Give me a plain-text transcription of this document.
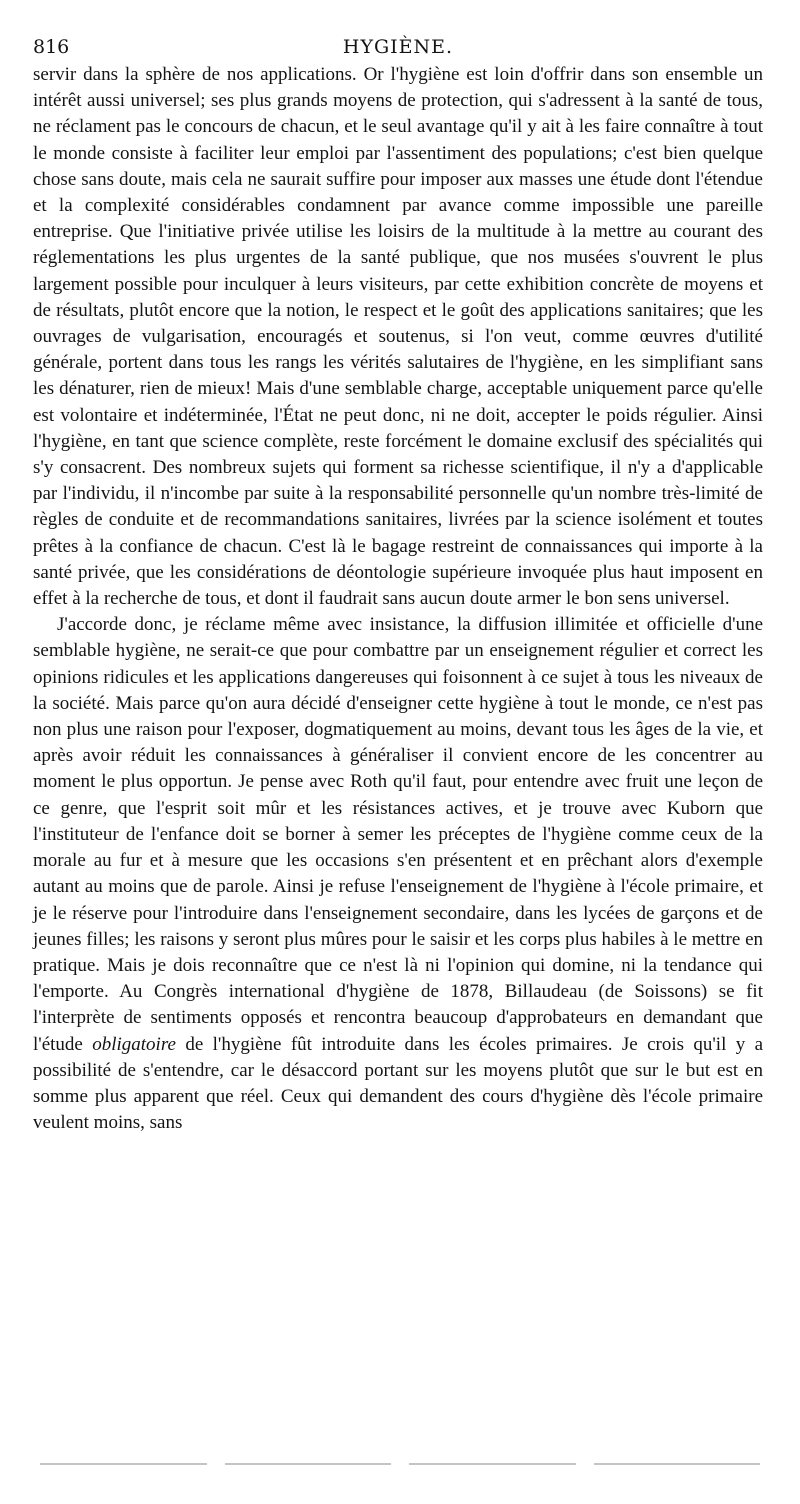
816	HYGIÈNE.

servir dans la sphère de nos applications. Or l'hygiène est loin d'offrir dans son ensemble un intérêt aussi universel; ses plus grands moyens de protection, qui s'adressent à la santé de tous, ne réclament pas le concours de chacun, et le seul avantage qu'il y ait à les faire connaître à tout le monde consiste à faciliter leur emploi par l'assentiment des populations; c'est bien quelque chose sans doute, mais cela ne saurait suffire pour imposer aux masses une étude dont l'étendue et la complexité considérables condamnent par avance comme impossible une pareille entreprise. Que l'initiative privée utilise les loisirs de la multitude à la mettre au courant des réglementations les plus urgentes de la santé publique, que nos musées s'ouvrent le plus largement possible pour inculquer à leurs visiteurs, par cette exhibition concrète de moyens et de résultats, plutôt encore que la notion, le respect et le goût des applications sanitaires; que les ouvrages de vulgarisation, encouragés et soutenus, si l'on veut, comme œuvres d'utilité générale, portent dans tous les rangs les vérités salutaires de l'hygiène, en les simplifiant sans les dénaturer, rien de mieux! Mais d'une semblable charge, acceptable uniquement parce qu'elle est volontaire et indéterminée, l'État ne peut donc, ni ne doit, accepter le poids régulier. Ainsi l'hygiène, en tant que science complète, reste forcément le domaine exclusif des spécialités qui s'y consacrent. Des nombreux sujets qui forment sa richesse scientifique, il n'y a d'applicable par l'individu, il n'incombe par suite à la responsabilité personnelle qu'un nombre très-limité de règles de conduite et de recommandations sanitaires, livrées par la science isolément et toutes prêtes à la confiance de chacun. C'est là le bagage restreint de connaissances qui importe à la santé privée, que les considérations de déontologie supérieure invoquée plus haut imposent en effet à la recherche de tous, et dont il faudrait sans aucun doute armer le bon sens universel.

J'accorde donc, je réclame même avec insistance, la diffusion illimitée et officielle d'une semblable hygiène, ne serait-ce que pour combattre par un enseignement régulier et correct les opinions ridicules et les applications dangereuses qui foisonnent à ce sujet à tous les niveaux de la société. Mais parce qu'on aura décidé d'enseigner cette hygiène à tout le monde, ce n'est pas non plus une raison pour l'exposer, dogmatiquement au moins, devant tous les âges de la vie, et après avoir réduit les connaissances à généraliser il convient encore de les concentrer au moment le plus opportun. Je pense avec Roth qu'il faut, pour entendre avec fruit une leçon de ce genre, que l'esprit soit mûr et les résistances actives, et je trouve avec Kuborn que l'instituteur de l'enfance doit se borner à semer les préceptes de l'hygiène comme ceux de la morale au fur et à mesure que les occasions s'en présentent et en prêchant alors d'exemple autant au moins que de parole. Ainsi je refuse l'enseignement de l'hygiène à l'école primaire, et je le réserve pour l'introduire dans l'enseignement secondaire, dans les lycées de garçons et de jeunes filles; les raisons y seront plus mûres pour le saisir et les corps plus habiles à le mettre en pratique. Mais je dois reconnaître que ce n'est là ni l'opinion qui domine, ni la tendance qui l'emporte. Au Congrès international d'hygiène de 1878, Billaudeau (de Soissons) se fit l'interprète de sentiments opposés et rencontra beaucoup d'approbateurs en demandant que l'étude obligatoire de l'hygiène fût introduite dans les écoles primaires. Je crois qu'il y a possibilité de s'entendre, car le désaccord portant sur les moyens plutôt que sur le but est en somme plus apparent que réel. Ceux qui demandent des cours d'hygiène dès l'école primaire veulent moins, sans
